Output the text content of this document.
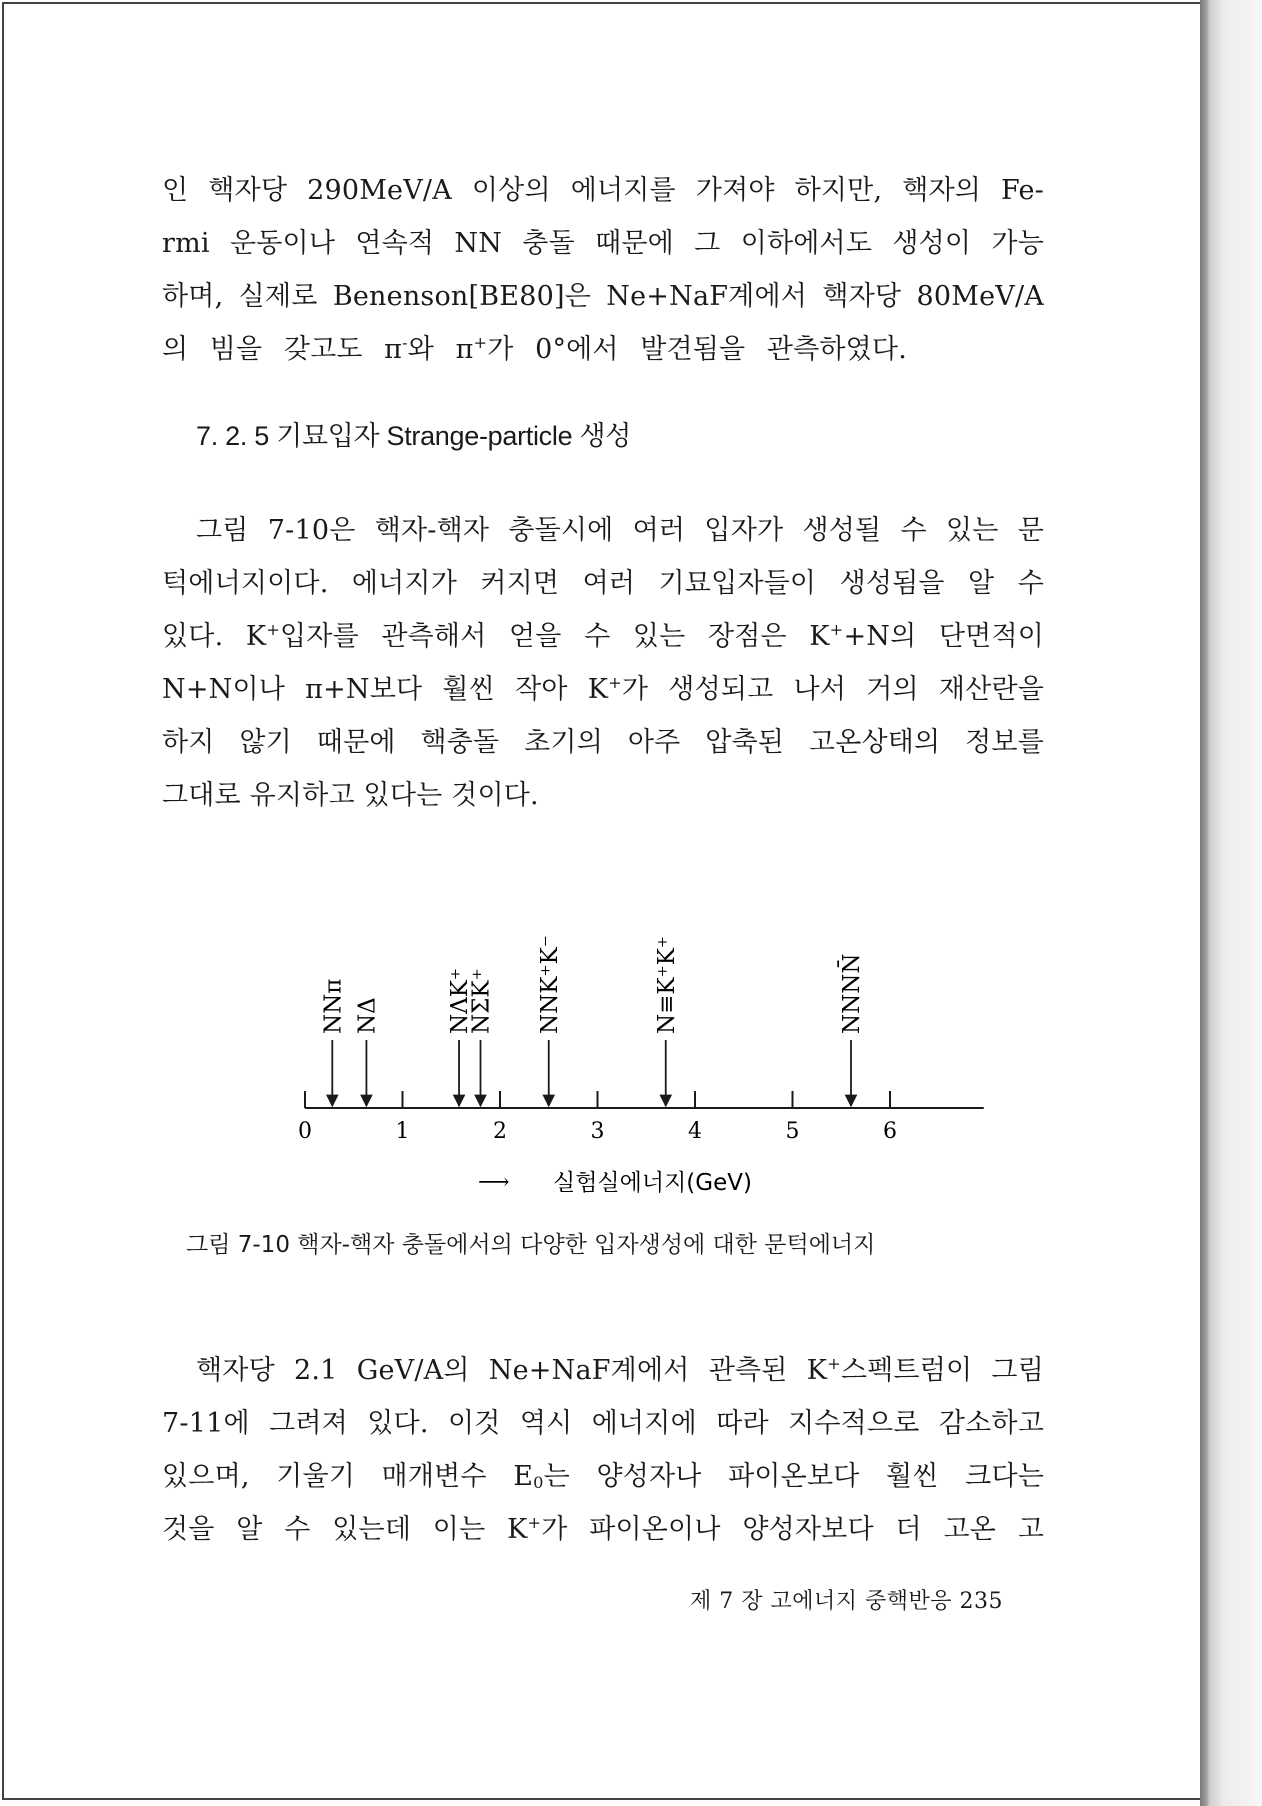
인 핵자당 290MeV/A 이상의 에너지를 가져야 하지만, 핵자의 Fe-
rmi 운동이나 연속적 NN 충돌 때문에 그 이하에서도 생성이 가능
하며, 실제로 Benenson[BE80]은 Ne+NaF계에서 핵자당 80MeV/A
의 빔을 갖고도 π-와 π+가 0°에서 발견됨을 관측하였다.
7. 2. 5 기묘입자 Strange-particle 생성
그림 7-10은 핵자-핵자 충돌시에 여러 입자가 생성될 수 있는 문
턱에너지이다. 에너지가 커지면 여러 기묘입자들이 생성됨을 알 수
있다. K+입자를 관측해서 얻을 수 있는 장점은 K++N의 단면적이
N+N이나 π+N보다 훨씬 작아 K+가 생성되고 나서 거의 재산란을
하지 않기 때문에 핵충돌 초기의 아주 압축된 고온상태의 정보를
그대로 유지하고 있다는 것이다.
0	1	2	3	4	5	6
NNπ NΔ	NΛK⁺
NΣK⁺ NNK⁺K⁻	N≡K⁺K⁺	NNNN̄
⟶ 실험실에너지(GeV)
그림 7-10 핵자-핵자 충돌에서의 다양한 입자생성에 대한 문턱에너지
핵자당 2.1 GeV/A의 Ne+NaF계에서 관측된 K+스펙트럼이 그림
7-11에 그려져 있다. 이것 역시 에너지에 따라 지수적으로 감소하고
있으며, 기울기 매개변수 $E_0$는 양성자나 파이온보다 훨씬 크다는
것을 알 수 있는데 이는 K+가 파이온이나 양성자보다 더 고온 고
제 7 장 고에너지 중핵반응 235
